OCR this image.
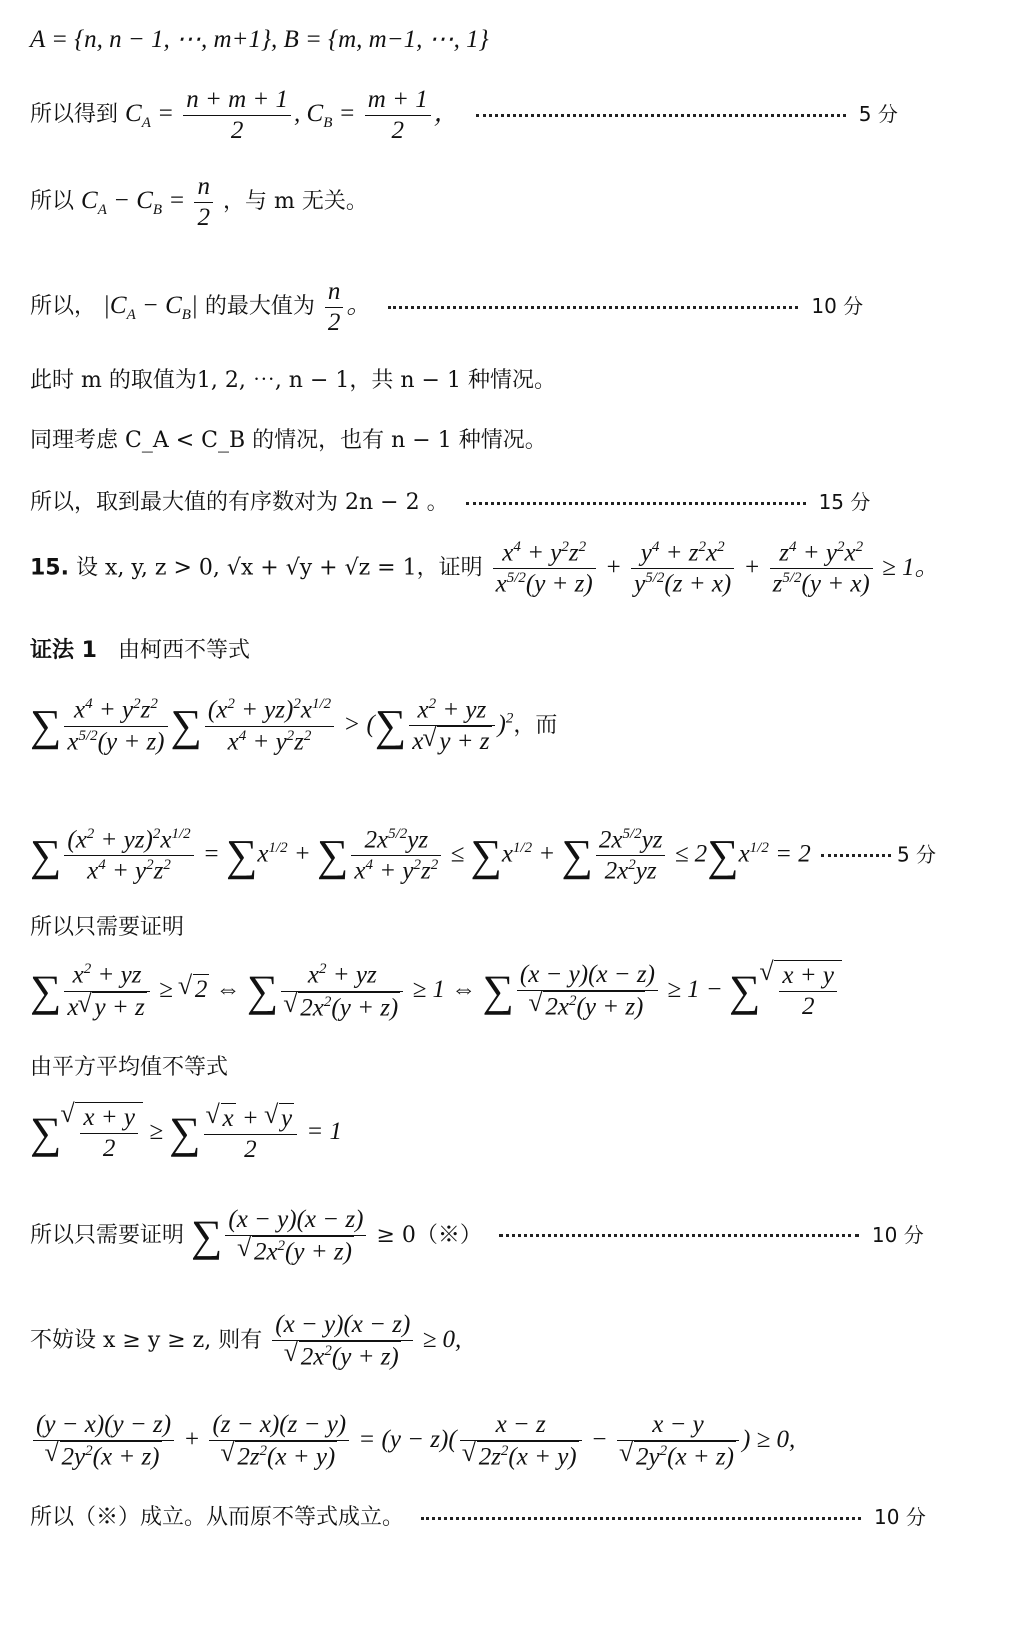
A = {n, n − 1, ⋯, m+1}, B = {m, m−1, ⋯, 1}
所以得到 $C_A = \frac{n + m + 1}{2}$ , $C_B = \frac{m + 1}{2}$ ，	5 分
所以 $C_A - C_B = \frac{n}{2}$ ，与 m 无关。
所以， $|C_A - C_B|$ 的最大值为 $\frac{n}{2}$ 。	10 分
此时 m 的取值为1, 2, ⋯, n − 1，共 n − 1 种情况。
同理考虑 C_A < C_B 的情况，也有 n − 1 种情况。
所以，取到最大值的有序数对为 2n − 2 。	15 分
15. 设 x, y, z > 0, √x + √y + √z = 1，证明 $\frac{x^4 + y^2z^2}{x^{5/2}(y + z)} + \frac{y^4 + z^2x^2}{y^{5/2}(z + x)} + \frac{z^4 + y^2x^2}{z^{5/2}(y + x)} \ge 1$。
证法 1 由柯西不等式
∑ $\frac{x^4 + y^2z^2}{x^{5/2}(y + z)}$ ∑ $\frac{(x^2 + yz)^2x^{1/2}}{x^4 + y^2z^2}$ > (∑ $\frac{x^2 + yz}{x √ y + z} )^2$，而
∑ $\frac{(x^2 + yz)^2x^{1/2}}{x^4 + y^2z^2} = \sum x^{1/2}$ + ∑ $\frac{2x^{5/2}yz}{x^4 + y^2z^2} \le \sum x^{1/2}$ + ∑ $\frac{2x^{5/2}yz}{2x^2yz} \le 2\sum x^{1/2} = 2$	5 分
所以只需要证明
∑ $\frac{x^2 + yz}{x √ y + z}$ ≥ √ 2 ⇔ ∑ $x^2$ + yz
√ $2x^2(y + z) \ge 1$ ⇔ ∑ (x − y)(x − z)
√ $2x^2(y + z) \ge 1$ − ∑ √ $\frac{x + y}{2}$
由平方平均值不等式
∑ √ $\frac{x + y}{2}$ ≥ ∑ √ $\frac{x + √ y}{2} = 1$
所以只需要证明 ∑ (x − y)(x − z)
√ $2x^2(y + z)$ ≥ 0（※）	10 分
不妨设 x ≥ y ≥ z, 则有 (x − y)(x − z)
√ $2x^2(y + z) \ge 0$,
(y − x)(y − z)
√ $2y^2(x + z) + (z - x)(z - y)$
√ $2z^2(x + y) = (y - z)$( x − z
√ $2z^2(x + y) - x - y$
√ $2y^2(x + z)$ ) ≥ 0,
所以（※）成立。从而原不等式成立。	10 分
